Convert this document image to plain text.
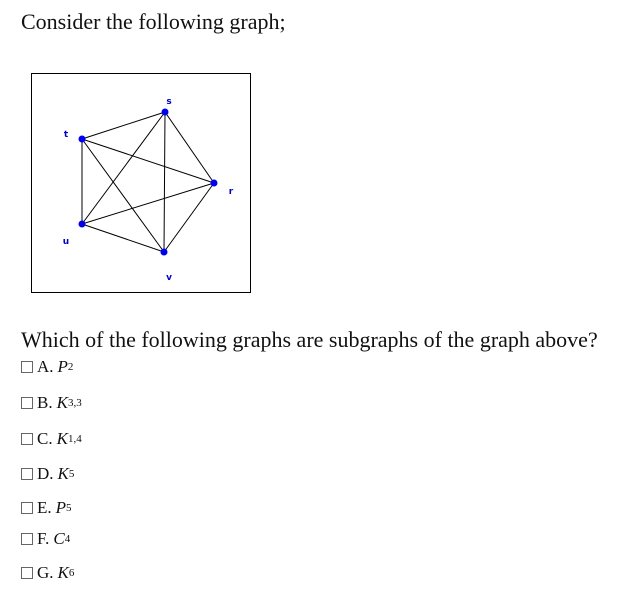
Consider the following graph;
s
r
v
u
t

Which of the following graphs are subgraphs of the graph above?

A. P 2
B. K 3,3
C. K 1,4
D. K 5
E. P 5
F. C 4
G. K 6
